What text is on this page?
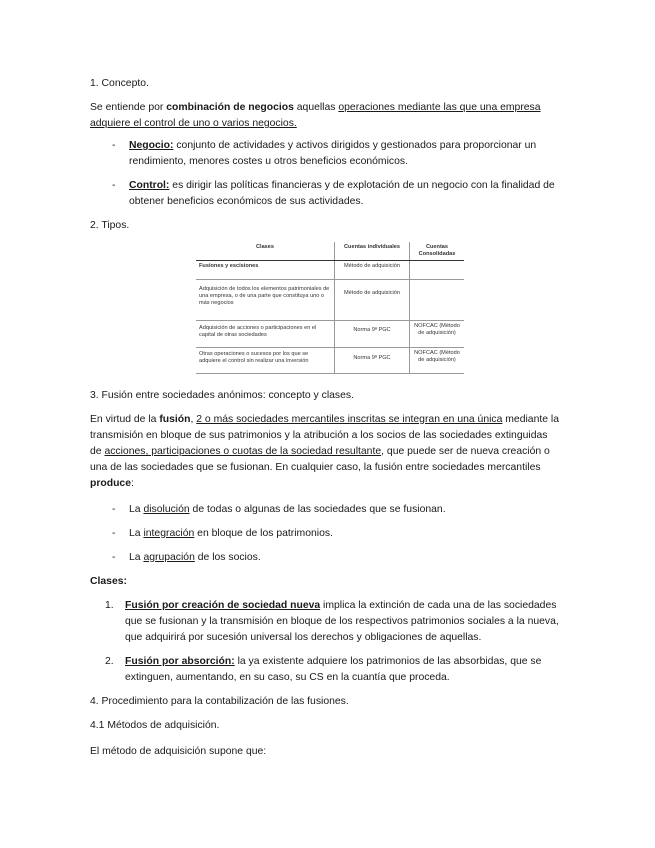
1. Concepto.

Se entiende por combinación de negocios aquellas operaciones mediante las que una empresa adquiere el control de uno o varios negocios.

- Negocio: conjunto de actividades y activos dirigidos y gestionados para proporcionar un rendimiento, menores costes u otros beneficios económicos.
- Control: es dirigir las políticas financieras y de explotación de un negocio con la finalidad de obtener beneficios económicos de sus actividades.

2. Tipos.

Clases	Cuentas individuales	Cuentas Consolidadas
Fusiones y escisiones	Método de adquisición	
Adquisición de todos los elementos patrimoniales de una empresa, o de una parte que constituya uno o más negocios	Método de adquisición	
Adquisición de acciones o participaciones en el capital de otras sociedades	Norma 9ª PGC	NOFCAC (Método de adquisición)
Otras operaciones o sucesos por los que se adquiere el control sin realizar una inversión	Norma 9ª PGC	NOFCAC (Método de adquisición)

3. Fusión entre sociedades anónimos: concepto y clases.

En virtud de la fusión, 2 o más sociedades mercantiles inscritas se integran en una única mediante la transmisión en bloque de sus patrimonios y la atribución a los socios de las sociedades extinguidas de acciones, participaciones o cuotas de la sociedad resultante, que puede ser de nueva creación o una de las sociedades que se fusionan. En cualquier caso, la fusión entre sociedades mercantiles produce:

- La disolución de todas o algunas de las sociedades que se fusionan.
- La integración en bloque de los patrimonios.
- La agrupación de los socios.

Clases:

1. Fusión por creación de sociedad nueva implica la extinción de cada una de las sociedades que se fusionan y la transmisión en bloque de los respectivos patrimonios sociales a la nueva, que adquirirá por sucesión universal los derechos y obligaciones de aquellas.
2. Fusión por absorción: la ya existente adquiere los patrimonios de las absorbidas, que se extinguen, aumentando, en su caso, su CS en la cuantía que proceda.

4. Procedimiento para la contabilización de las fusiones.

4.1 Métodos de adquisición.

El método de adquisición supone que:
